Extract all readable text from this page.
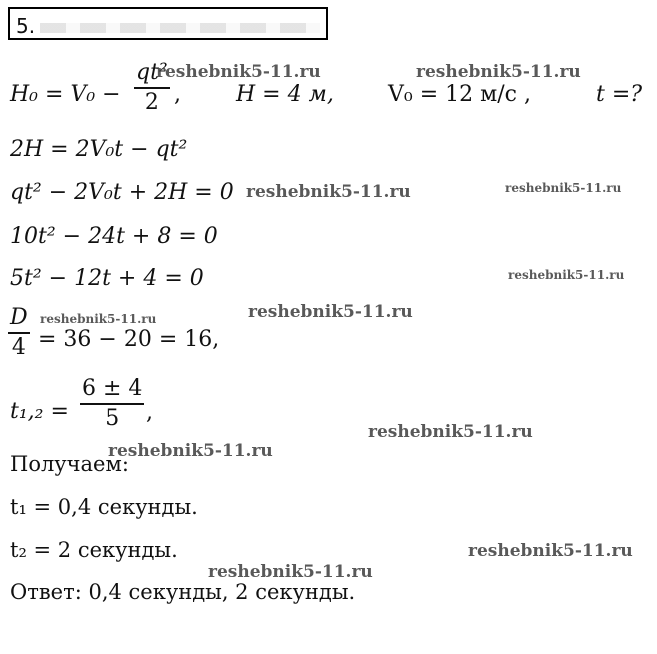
5.
$H_0 = V_0 - \frac{\text{qt²}}{2}$ ,	H = 4 м, V₀ = 12 м/с ,	t =?
2H = 2V₀t − qt²
qt² − 2V₀t + 2H = 0
10t² − 24t + 8 = 0
5t² − 12t + 4 = 0
$\frac{D}{4} = 36 - 20 = 16$,
$t_1,_2 = \frac{6 \pm 4}{5}$ ,
Получаем:
t₁ = 0,4 секунды.
t₂ = 2 секунды.
Ответ: 0,4 секунды, 2 секунды.
reshebnik5-11.ru	reshebnik5-11.ru
reshebnik5-11.ru	reshebnik5-11.ru
reshebnik5-11.ru
reshebnik5-11.ru
reshebnik5-11.ru
reshebnik5-11.ru
reshebnik5-11.ru
reshebnik5-11.ru
reshebnik5-11.ru
